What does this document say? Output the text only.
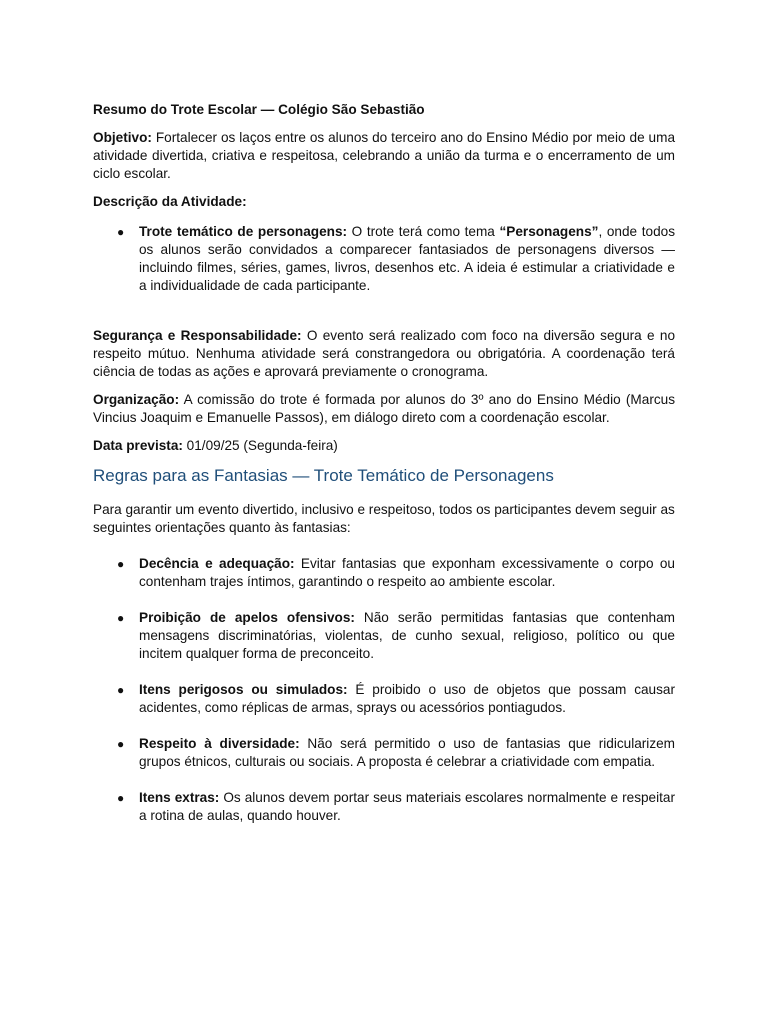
Resumo do Trote Escolar — Colégio São Sebastião

Objetivo: Fortalecer os laços entre os alunos do terceiro ano do Ensino Médio por meio de uma atividade divertida, criativa e respeitosa, celebrando a união da turma e o encerramento de um ciclo escolar.

Descrição da Atividade:

● Trote temático de personagens: O trote terá como tema “Personagens”, onde todos os alunos serão convidados a comparecer fantasiados de personagens diversos — incluindo filmes, séries, games, livros, desenhos etc. A ideia é estimular a criatividade e a individualidade de cada participante.

Segurança e Responsabilidade: O evento será realizado com foco na diversão segura e no respeito mútuo. Nenhuma atividade será constrangedora ou obrigatória. A coordenação terá ciência de todas as ações e aprovará previamente o cronograma.

Organização: A comissão do trote é formada por alunos do 3º ano do Ensino Médio (Marcus Vincius Joaquim e Emanuelle Passos), em diálogo direto com a coordenação escolar.

Data prevista: 01/09/25 (Segunda-feira)

Regras para as Fantasias — Trote Temático de Personagens

Para garantir um evento divertido, inclusivo e respeitoso, todos os participantes devem seguir as seguintes orientações quanto às fantasias:

● Decência e adequação: Evitar fantasias que exponham excessivamente o corpo ou contenham trajes íntimos, garantindo o respeito ao ambiente escolar.
● Proibição de apelos ofensivos: Não serão permitidas fantasias que contenham mensagens discriminatórias, violentas, de cunho sexual, religioso, político ou que incitem qualquer forma de preconceito.
● Itens perigosos ou simulados: É proibido o uso de objetos que possam causar acidentes, como réplicas de armas, sprays ou acessórios pontiagudos.
● Respeito à diversidade: Não será permitido o uso de fantasias que ridicularizem grupos étnicos, culturais ou sociais. A proposta é celebrar a criatividade com empatia.
● Itens extras: Os alunos devem portar seus materiais escolares normalmente e respeitar a rotina de aulas, quando houver.
